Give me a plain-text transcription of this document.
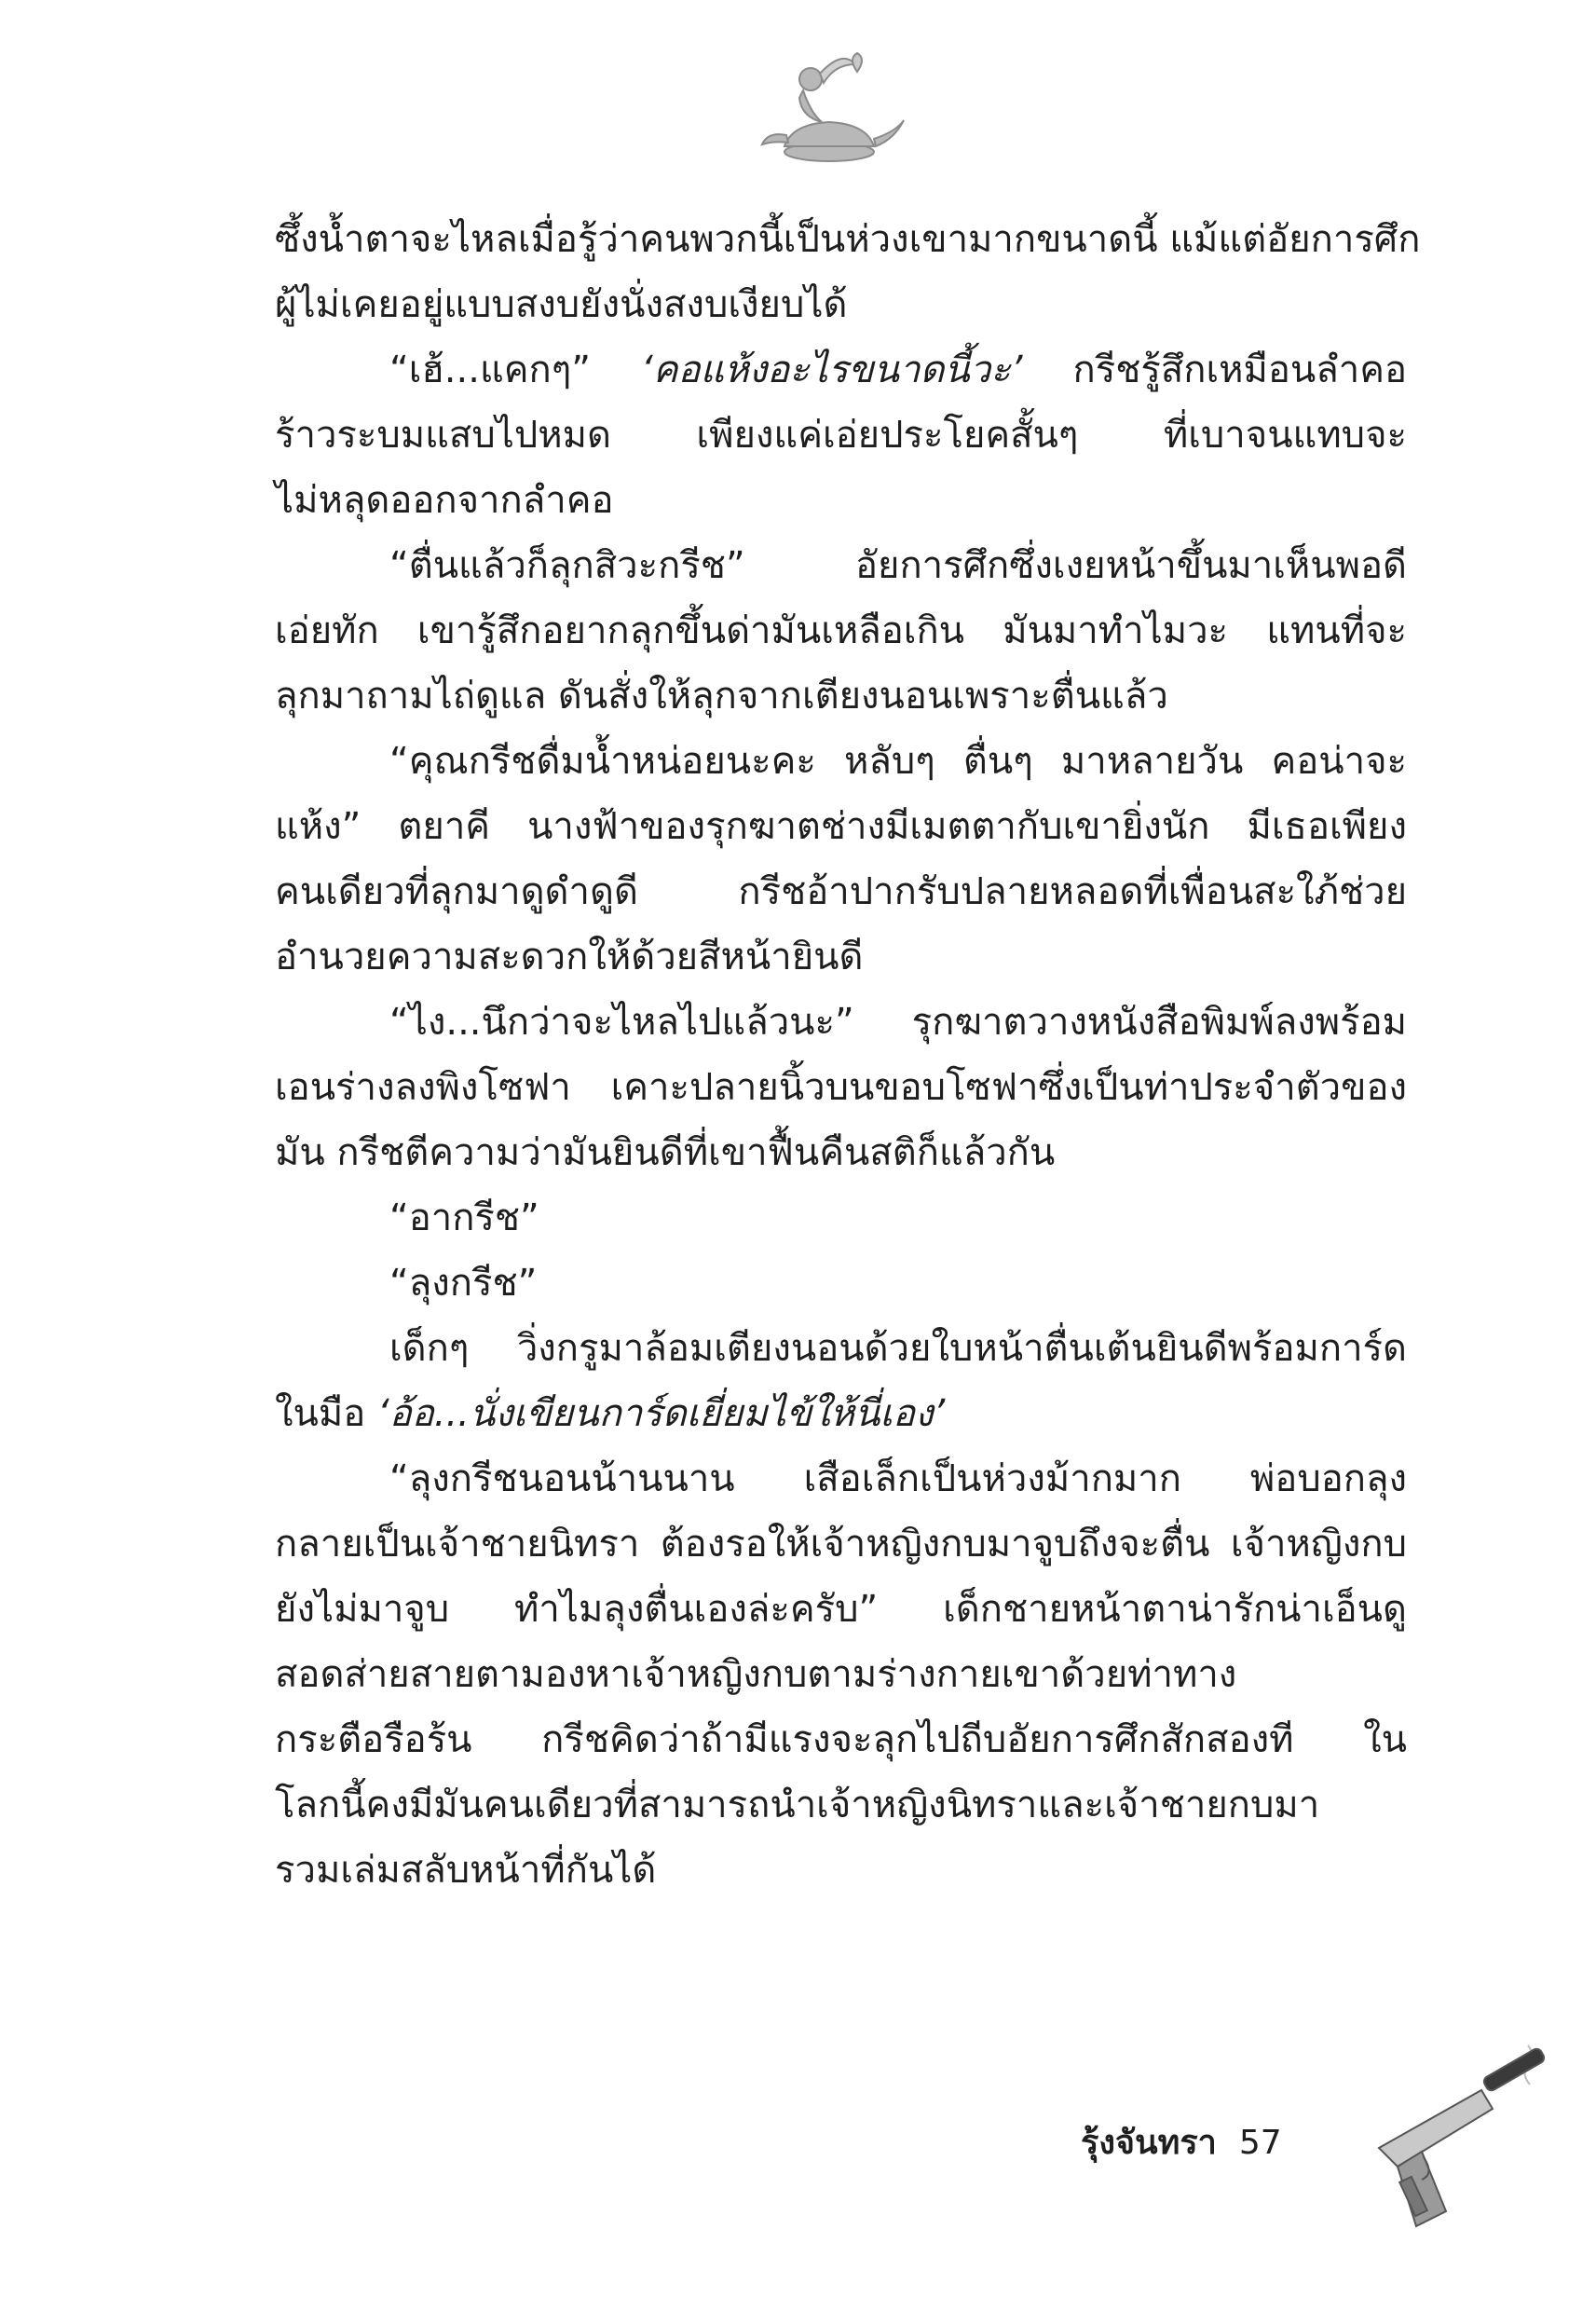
ซึ้งน้ำตาจะไหลเมื่อรู้ว่าคนพวกนี้เป็นห่วงเขามากขนาดนี้ แม้แต่อัยการศึก
ผู้ไม่เคยอยู่แบบสงบยังนั่งสงบเงียบได้
“เฮ้...แคกๆ” ‘คอแห้งอะไรขนาดนี้วะ’ กรีชรู้สึกเหมือนลำคอ
ร้าวระบมแสบไปหมด เพียงแค่เอ่ยประโยคสั้นๆ ที่เบาจนแทบจะ
ไม่หลุดออกจากลำคอ
“ตื่นแล้วก็ลุกสิวะกรีช” อัยการศึกซึ่งเงยหน้าขึ้นมาเห็นพอดี
เอ่ยทัก เขารู้สึกอยากลุกขึ้นด่ามันเหลือเกิน มันมาทำไมวะ แทนที่จะ
ลุกมาถามไถ่ดูแล ดันสั่งให้ลุกจากเตียงนอนเพราะตื่นแล้ว
“คุณกรีชดื่มน้ำหน่อยนะคะ หลับๆ ตื่นๆ มาหลายวัน คอน่าจะ
แห้ง” ตยาคี นางฟ้าของรุกฆาตช่างมีเมตตากับเขายิ่งนัก มีเธอเพียง
คนเดียวที่ลุกมาดูดำดูดี กรีชอ้าปากรับปลายหลอดที่เพื่อนสะใภ้ช่วย
อำนวยความสะดวกให้ด้วยสีหน้ายินดี
“ไง...นึกว่าจะไหลไปแล้วนะ” รุกฆาตวางหนังสือพิมพ์ลงพร้อม
เอนร่างลงพิงโซฟา เคาะปลายนิ้วบนขอบโซฟาซึ่งเป็นท่าประจำตัวของ
มัน กรีชตีความว่ามันยินดีที่เขาฟื้นคืนสติก็แล้วกัน
“อากรีช”
“ลุงกรีช”
เด็กๆ วิ่งกรูมาล้อมเตียงนอนด้วยใบหน้าตื่นเต้นยินดีพร้อมการ์ด
ในมือ ‘อ้อ...นั่งเขียนการ์ดเยี่ยมไข้ให้นี่เอง’
“ลุงกรีชนอนน้านนาน เสือเล็กเป็นห่วงม้ากมาก พ่อบอกลุง
กลายเป็นเจ้าชายนิทรา ต้องรอให้เจ้าหญิงกบมาจูบถึงจะตื่น เจ้าหญิงกบ
ยังไม่มาจูบ ทำไมลุงตื่นเองล่ะครับ” เด็กชายหน้าตาน่ารักน่าเอ็นดู
สอดส่ายสายตามองหาเจ้าหญิงกบตามร่างกายเขาด้วยท่าทาง
กระตือรือร้น กรีชคิดว่าถ้ามีแรงจะลุกไปถีบอัยการศึกสักสองที ใน
โลกนี้คงมีมันคนเดียวที่สามารถนำเจ้าหญิงนิทราและเจ้าชายกบมา
รวมเล่มสลับหน้าที่กันได้
รุ้งจันทรา 57
